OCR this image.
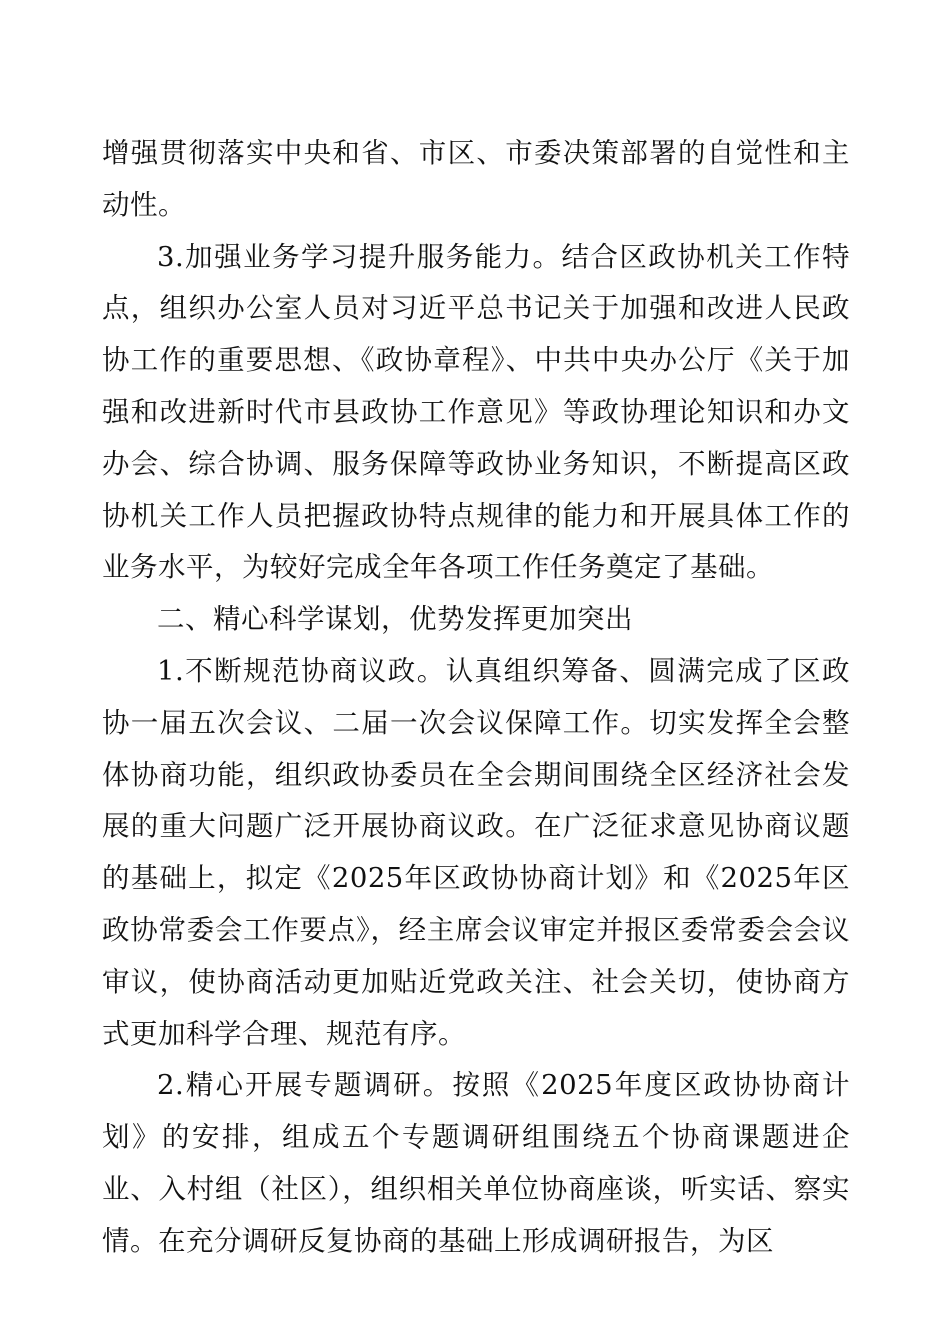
增强贯彻落实中央和省、市区、市委决策部署的自觉性和主动性。

3.加强业务学习提升服务能力。结合区政协机关工作特点，组织办公室人员对习近平总书记关于加强和改进人民政协工作的重要思想、《政协章程》、中共中央办公厅《关于加强和改进新时代市县政协工作意见》等政协理论知识和办文办会、综合协调、服务保障等政协业务知识，不断提高区政协机关工作人员把握政协特点规律的能力和开展具体工作的业务水平，为较好完成全年各项工作任务奠定了基础。

二、精心科学谋划，优势发挥更加突出

1.不断规范协商议政。认真组织筹备、圆满完成了区政协一届五次会议、二届一次会议保障工作。切实发挥全会整体协商功能，组织政协委员在全会期间围绕全区经济社会发展的重大问题广泛开展协商议政。在广泛征求意见协商议题的基础上，拟定《2025年区政协协商计划》和《2025年区政协常委会工作要点》，经主席会议审定并报区委常委会会议审议，使协商活动更加贴近党政关注、社会关切，使协商方式更加科学合理、规范有序。

2.精心开展专题调研。按照《2025年度区政协协商计划》的安排，组成五个专题调研组围绕五个协商课题进企业、入村组（社区），组织相关单位协商座谈，听实话、察实情。在充分调研反复协商的基础上形成调研报告，为区
